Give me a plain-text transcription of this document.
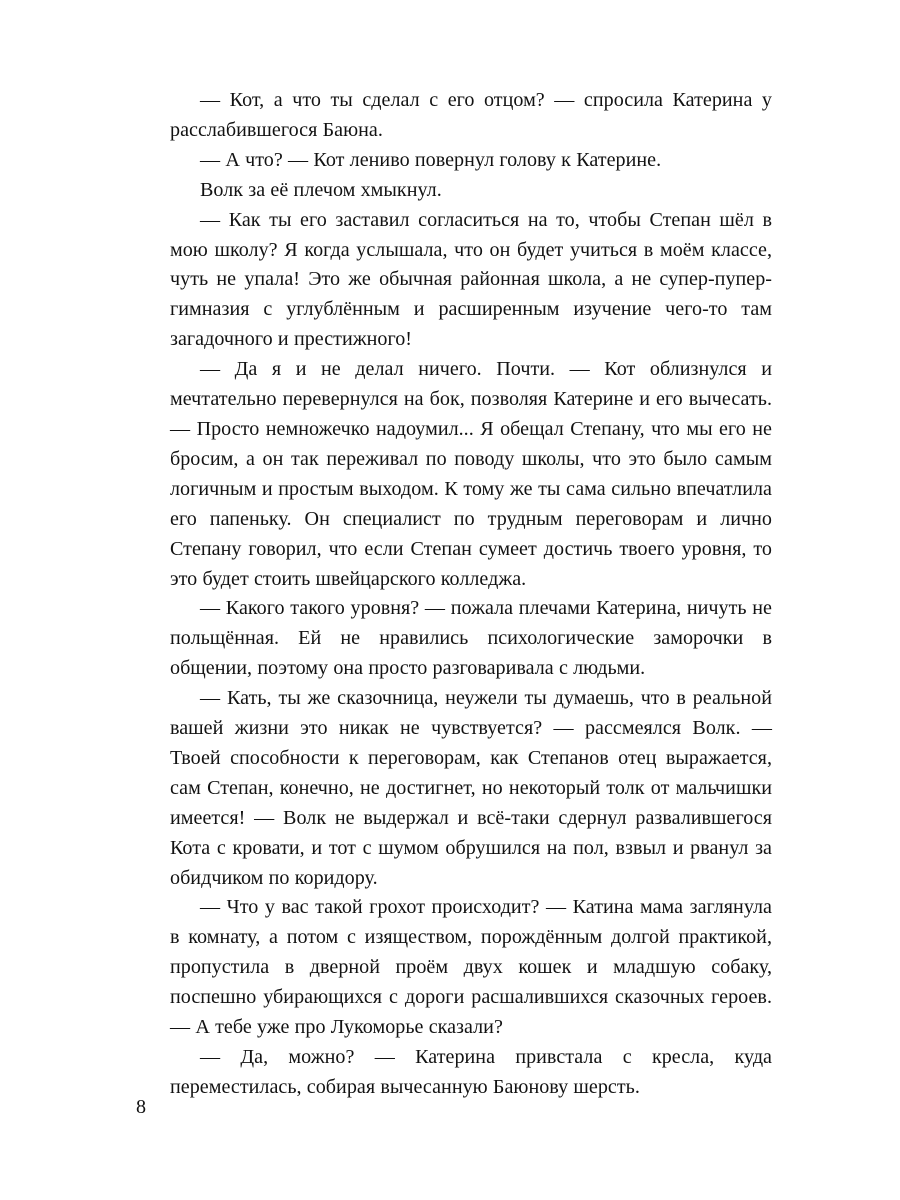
— Кот, а что ты сделал с его отцом? — спросила Катерина у расслабившегося Баюна.

— А что? — Кот лениво повернул голову к Катерине.

Волк за её плечом хмыкнул.

— Как ты его заставил согласиться на то, чтобы Степан шёл в мою школу? Я когда услышала, что он будет учиться в моём классе, чуть не упала! Это же обычная районная школа, а не супер-пупер-гимназия с углублённым и расширенным изучение чего-то там загадочного и престижного!

— Да я и не делал ничего. Почти. — Кот облизнулся и мечтательно перевернулся на бок, позволяя Катерине и его вычесать. — Просто немножечко надоумил... Я обещал Степану, что мы его не бросим, а он так переживал по поводу школы, что это было самым логичным и простым выходом. К тому же ты сама сильно впечатлила его папеньку. Он специалист по трудным переговорам и лично Степану говорил, что если Степан сумеет достичь твоего уровня, то это будет стоить швейцарского колледжа.

— Какого такого уровня? — пожала плечами Катерина, ничуть не польщённая. Ей не нравились психологические заморочки в общении, поэтому она просто разговаривала с людьми.

— Кать, ты же сказочница, неужели ты думаешь, что в реальной вашей жизни это никак не чувствуется? — рассмеялся Волк. — Твоей способности к переговорам, как Степанов отец выражается, сам Степан, конечно, не достигнет, но некоторый толк от мальчишки имеется! — Волк не выдержал и всё-таки сдернул развалившегося Кота с кровати, и тот с шумом обрушился на пол, взвыл и рванул за обидчиком по коридору.

— Что у вас такой грохот происходит? — Катина мама заглянула в комнату, а потом с изяществом, порождённым долгой практикой, пропустила в дверной проём двух кошек и младшую собаку, поспешно убирающихся с дороги расшалившихся сказочных героев. — А тебе уже про Лукоморье сказали?

— Да, можно? — Катерина привстала с кресла, куда переместилась, собирая вычесанную Баюнову шерсть.

8
